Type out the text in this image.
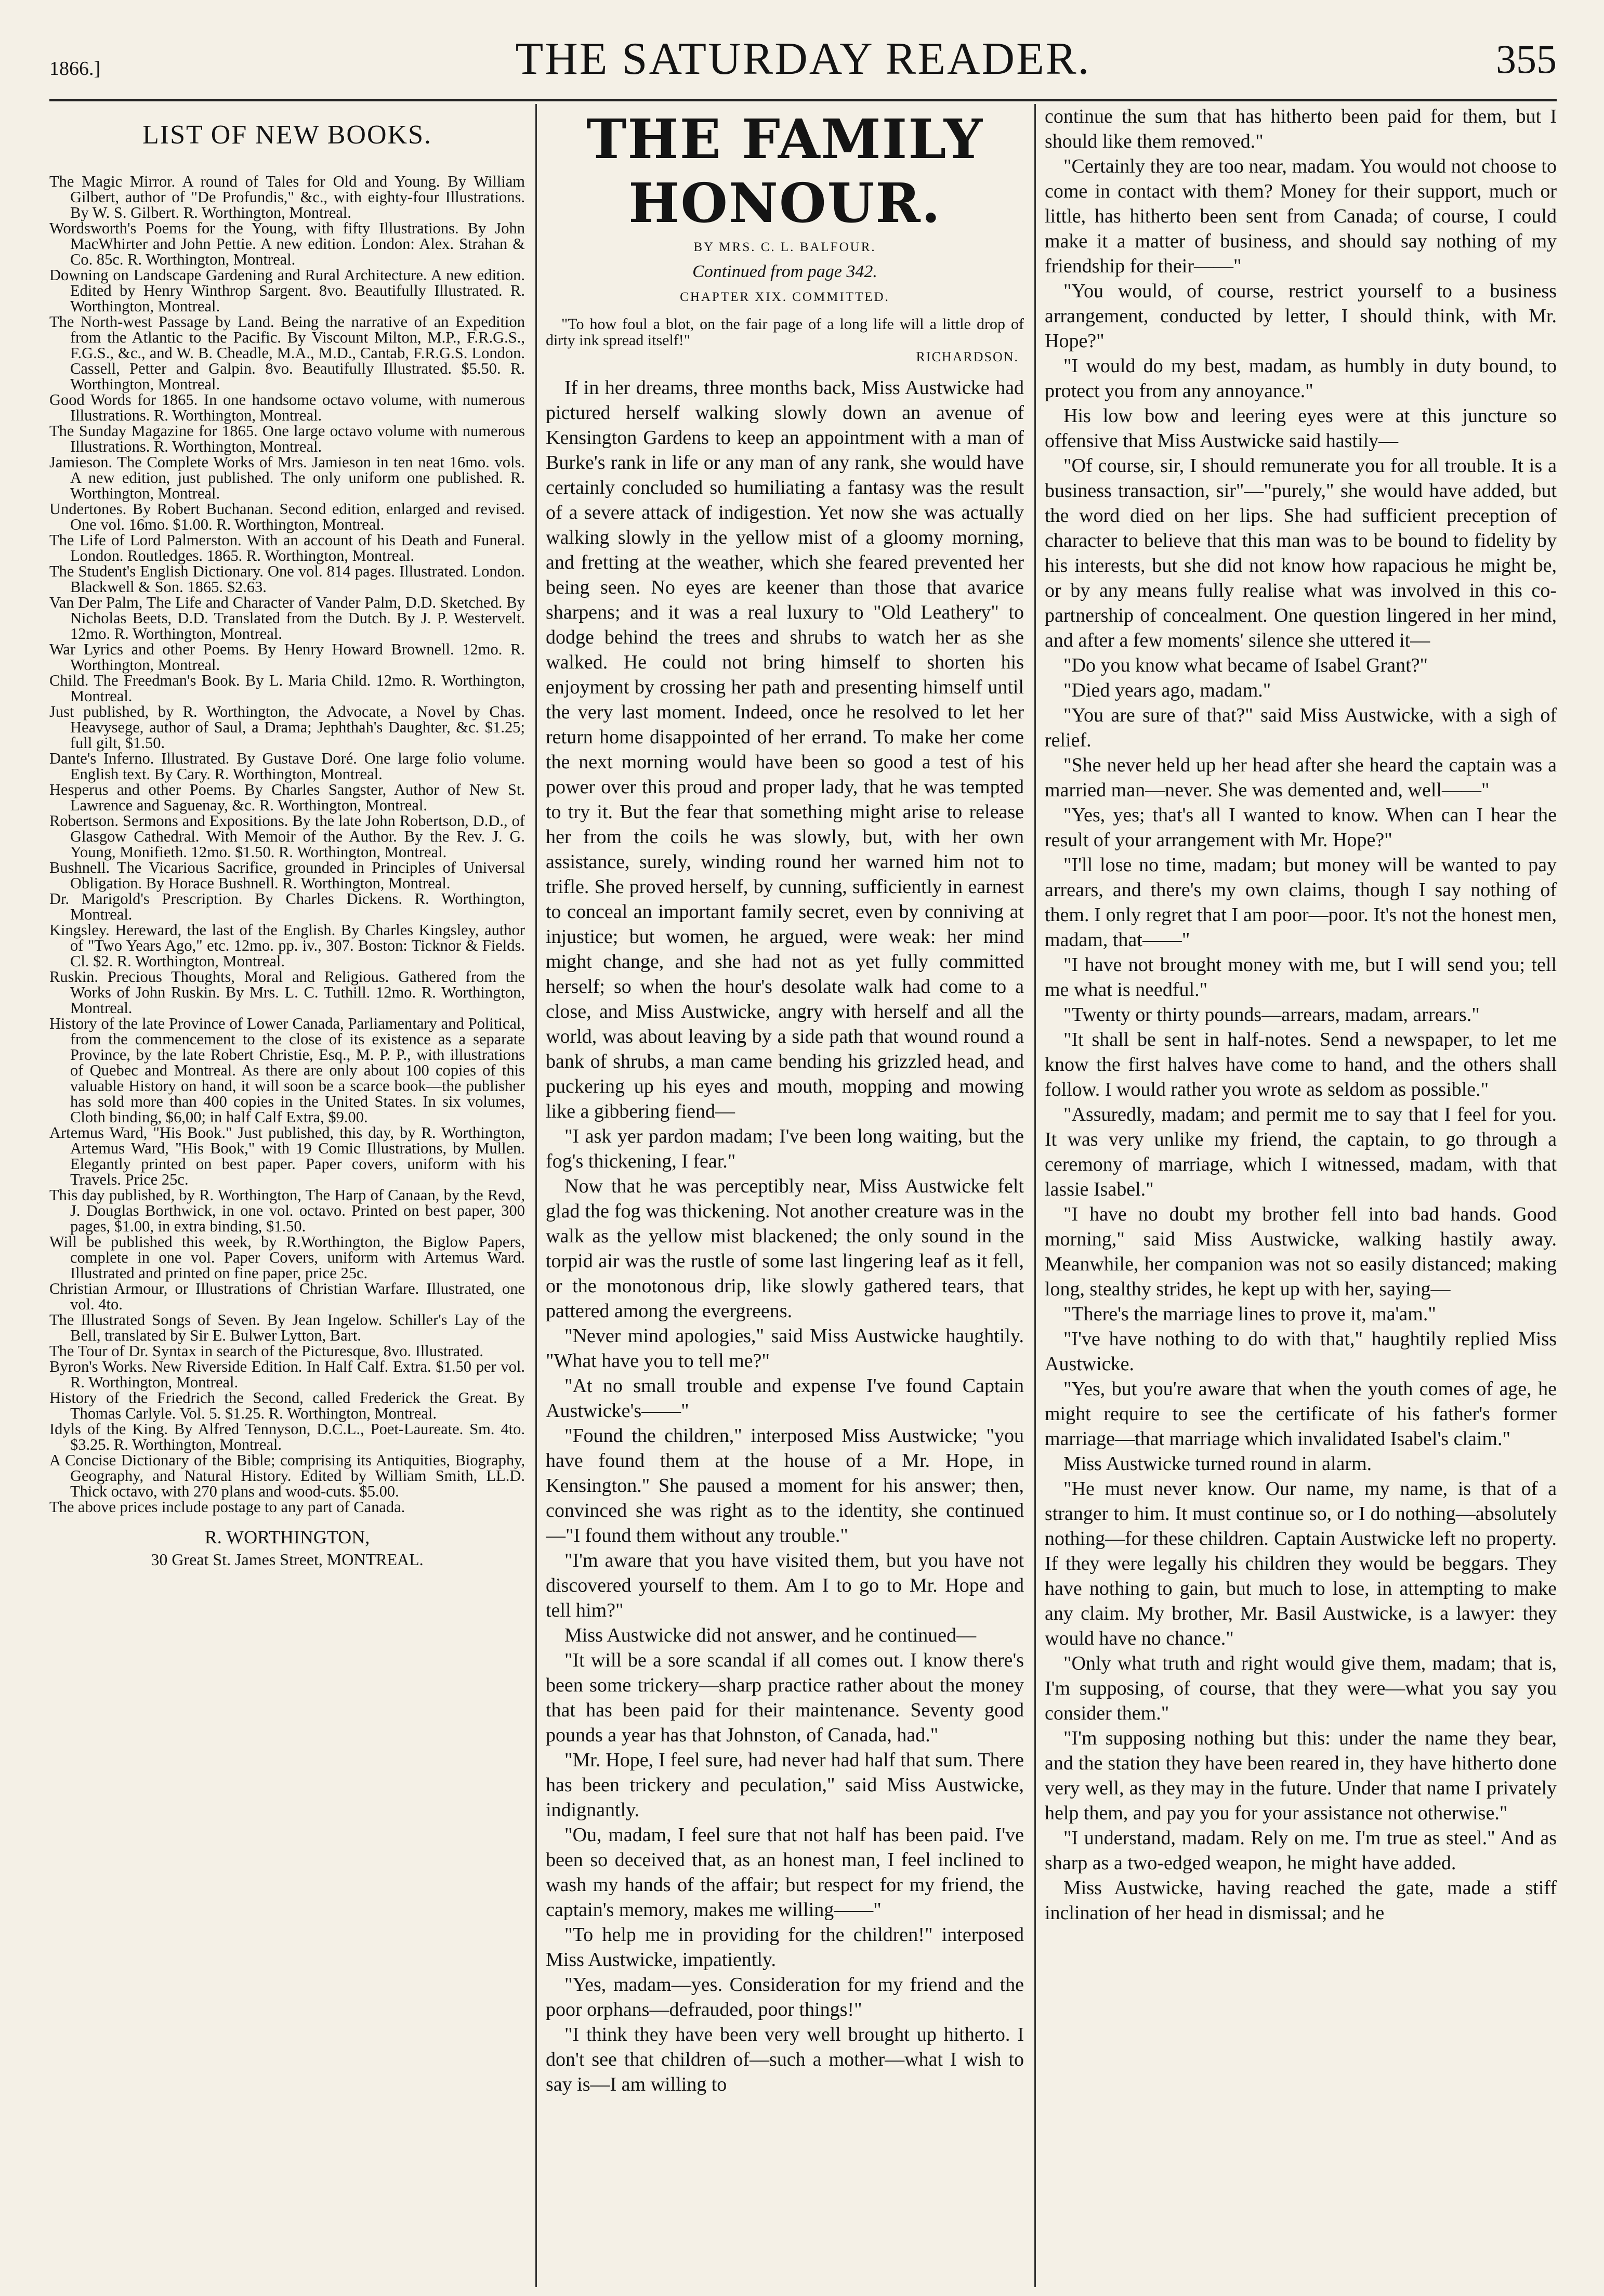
1866.]	THE SATURDAY READER.	355
LIST OF NEW BOOKS.

The Magic Mirror. A round of Tales for Old and Young. By William Gilbert, author of "De Profundis," &c., with eighty-four Illustrations. By W. S. Gilbert. R. Worthington, Montreal.

Wordsworth's Poems for the Young, with fifty Illustrations. By John MacWhirter and John Pettie. A new edition. London: Alex. Strahan & Co. 85c. R. Worthington, Montreal.

Downing on Landscape Gardening and Rural Architecture. A new edition. Edited by Henry Winthrop Sargent. 8vo. Beautifully Illustrated. R. Worthington, Montreal.

The North-west Passage by Land. Being the narrative of an Expedition from the Atlantic to the Pacific. By Viscount Milton, M.P., F.R.G.S., F.G.S., &c., and W. B. Cheadle, M.A., M.D., Cantab, F.R.G.S. London. Cassell, Petter and Galpin. 8vo. Beautifully Illustrated. $5.50. R. Worthington, Montreal.

Good Words for 1865. In one handsome octavo volume, with numerous Illustrations. R. Worthington, Montreal.

The Sunday Magazine for 1865. One large octavo volume with numerous Illustrations. R. Worthington, Montreal.

Jamieson. The Complete Works of Mrs. Jamieson in ten neat 16mo. vols. A new edition, just published. The only uniform one published. R. Worthington, Montreal.

Undertones. By Robert Buchanan. Second edition, enlarged and revised. One vol. 16mo. $1.00. R. Worthington, Montreal.

The Life of Lord Palmerston. With an account of his Death and Funeral. London. Routledges. 1865. R. Worthington, Montreal.

The Student's English Dictionary. One vol. 814 pages. Illustrated. London. Blackwell & Son. 1865. $2.63.

Van Der Palm, The Life and Character of Vander Palm, D.D. Sketched. By Nicholas Beets, D.D. Translated from the Dutch. By J. P. Westervelt. 12mo. R. Worthington, Montreal.

War Lyrics and other Poems. By Henry Howard Brownell. 12mo. R. Worthington, Montreal.

Child. The Freedman's Book. By L. Maria Child. 12mo. R. Worthington, Montreal.

Just published, by R. Worthington, the Advocate, a Novel by Chas. Heavysege, author of Saul, a Drama; Jephthah's Daughter, &c. $1.25; full gilt, $1.50.

Dante's Inferno. Illustrated. By Gustave Doré. One large folio volume. English text. By Cary. R. Worthington, Montreal.

Hesperus and other Poems. By Charles Sangster, Author of New St. Lawrence and Saguenay, &c. R. Worthington, Montreal.

Robertson. Sermons and Expositions. By the late John Robertson, D.D., of Glasgow Cathedral. With Memoir of the Author. By the Rev. J. G. Young, Monifieth. 12mo. $1.50. R. Worthington, Montreal.

Bushnell. The Vicarious Sacrifice, grounded in Principles of Universal Obligation. By Horace Bushnell. R. Worthington, Montreal.

Dr. Marigold's Prescription. By Charles Dickens. R. Worthington, Montreal.

Kingsley. Hereward, the last of the English. By Charles Kingsley, author of "Two Years Ago," etc. 12mo. pp. iv., 307. Boston: Ticknor & Fields. Cl. $2. R. Worthington, Montreal.

Ruskin. Precious Thoughts, Moral and Religious. Gathered from the Works of John Ruskin. By Mrs. L. C. Tuthill. 12mo. R. Worthington, Montreal.

History of the late Province of Lower Canada, Parliamentary and Political, from the commencement to the close of its existence as a separate Province, by the late Robert Christie, Esq., M. P. P., with illustrations of Quebec and Montreal. As there are only about 100 copies of this valuable History on hand, it will soon be a scarce book—the publisher has sold more than 400 copies in the United States. In six volumes, Cloth binding, $6,00; in half Calf Extra, $9.00.

Artemus Ward, "His Book." Just published, this day, by R. Worthington, Artemus Ward, "His Book," with 19 Comic Illustrations, by Mullen. Elegantly printed on best paper. Paper covers, uniform with his Travels. Price 25c.

This day published, by R. Worthington, The Harp of Canaan, by the Revd, J. Douglas Borthwick, in one vol. octavo. Printed on best paper, 300 pages, $1.00, in extra binding, $1.50.

Will be published this week, by R.Worthington, the Biglow Papers, complete in one vol. Paper Covers, uniform with Artemus Ward. Illustrated and printed on fine paper, price 25c.

Christian Armour, or Illustrations of Christian Warfare. Illustrated, one vol. 4to.

The Illustrated Songs of Seven. By Jean Ingelow. Schiller's Lay of the Bell, translated by Sir E. Bulwer Lytton, Bart.

The Tour of Dr. Syntax in search of the Picturesque, 8vo. Illustrated.

Byron's Works. New Riverside Edition. In Half Calf. Extra. $1.50 per vol. R. Worthington, Montreal.

History of the Friedrich the Second, called Frederick the Great. By Thomas Carlyle. Vol. 5. $1.25. R. Worthington, Montreal.

Idyls of the King. By Alfred Tennyson, D.C.L., Poet-Laureate. Sm. 4to. $3.25. R. Worthington, Montreal.

A Concise Dictionary of the Bible; comprising its Antiquities, Biography, Geography, and Natural History. Edited by William Smith, LL.D. Thick octavo, with 270 plans and wood-cuts. $5.00.

The above prices include postage to any part of Canada.

R. WORTHINGTON,
30 Great St. James Street, MONTREAL.
THE FAMILY HONOUR.
BY MRS. C. L. BALFOUR.
Continued from page 342.
CHAPTER XIX. COMMITTED.

"To how foul a blot, on the fair page of a long life will a little drop of dirty ink spread itself!"

RICHARDSON.

If in her dreams, three months back, Miss Austwicke had pictured herself walking slowly down an avenue of Kensington Gardens to keep an appointment with a man of Burke's rank in life or any man of any rank, she would have certainly concluded so humiliating a fantasy was the result of a severe attack of indigestion. Yet now she was actually walking slowly in the yellow mist of a gloomy morning, and fretting at the weather, which she feared prevented her being seen. No eyes are keener than those that avarice sharpens; and it was a real luxury to "Old Leathery" to dodge behind the trees and shrubs to watch her as she walked. He could not bring himself to shorten his enjoyment by crossing her path and presenting himself until the very last moment. Indeed, once he resolved to let her return home disappointed of her errand. To make her come the next morning would have been so good a test of his power over this proud and proper lady, that he was tempted to try it. But the fear that something might arise to release her from the coils he was slowly, but, with her own assistance, surely, winding round her warned him not to trifle. She proved herself, by cunning, sufficiently in earnest to conceal an important family secret, even by conniving at injustice; but women, he argued, were weak: her mind might change, and she had not as yet fully committed herself; so when the hour's desolate walk had come to a close, and Miss Austwicke, angry with herself and all the world, was about leaving by a side path that wound round a bank of shrubs, a man came bending his grizzled head, and puckering up his eyes and mouth, mopping and mowing like a gibbering fiend—

"I ask yer pardon madam; I've been long waiting, but the fog's thickening, I fear."

Now that he was perceptibly near, Miss Austwicke felt glad the fog was thickening. Not another creature was in the walk as the yellow mist blackened; the only sound in the torpid air was the rustle of some last lingering leaf as it fell, or the monotonous drip, like slowly gathered tears, that pattered among the evergreens.

"Never mind apologies," said Miss Austwicke haughtily. "What have you to tell me?"

"At no small trouble and expense I've found Captain Austwicke's——"

"Found the children," interposed Miss Austwicke; "you have found them at the house of a Mr. Hope, in Kensington." She paused a moment for his answer; then, convinced she was right as to the identity, she continued—"I found them without any trouble."

"I'm aware that you have visited them, but you have not discovered yourself to them. Am I to go to Mr. Hope and tell him?"

Miss Austwicke did not answer, and he continued—

"It will be a sore scandal if all comes out. I know there's been some trickery—sharp practice rather about the money that has been paid for their maintenance. Seventy good pounds a year has that Johnston, of Canada, had."

"Mr. Hope, I feel sure, had never had half that sum. There has been trickery and peculation," said Miss Austwicke, indignantly.

"Ou, madam, I feel sure that not half has been paid. I've been so deceived that, as an honest man, I feel inclined to wash my hands of the affair; but respect for my friend, the captain's memory, makes me willing——"

"To help me in providing for the children!" interposed Miss Austwicke, impatiently.

"Yes, madam—yes. Consideration for my friend and the poor orphans—defrauded, poor things!"

"I think they have been very well brought up hitherto. I don't see that children of—such a mother—what I wish to say is—I am willing to

continue the sum that has hitherto been paid for them, but I should like them removed."

"Certainly they are too near, madam. You would not choose to come in contact with them? Money for their support, much or little, has hitherto been sent from Canada; of course, I could make it a matter of business, and should say nothing of my friendship for their——"

"You would, of course, restrict yourself to a business arrangement, conducted by letter, I should think, with Mr. Hope?"

"I would do my best, madam, as humbly in duty bound, to protect you from any annoyance."

His low bow and leering eyes were at this juncture so offensive that Miss Austwicke said hastily—

"Of course, sir, I should remunerate you for all trouble. It is a business transaction, sir"—"purely," she would have added, but the word died on her lips. She had sufficient preception of character to believe that this man was to be bound to fidelity by his interests, but she did not know how rapacious he might be, or by any means fully realise what was involved in this co-partnership of concealment. One question lingered in her mind, and after a few moments' silence she uttered it—

"Do you know what became of Isabel Grant?"

"Died years ago, madam."

"You are sure of that?" said Miss Austwicke, with a sigh of relief.

"She never held up her head after she heard the captain was a married man—never. She was demented and, well——"

"Yes, yes; that's all I wanted to know. When can I hear the result of your arrangement with Mr. Hope?"

"I'll lose no time, madam; but money will be wanted to pay arrears, and there's my own claims, though I say nothing of them. I only regret that I am poor—poor. It's not the honest men, madam, that——"

"I have not brought money with me, but I will send you; tell me what is needful."

"Twenty or thirty pounds—arrears, madam, arrears."

"It shall be sent in half-notes. Send a newspaper, to let me know the first halves have come to hand, and the others shall follow. I would rather you wrote as seldom as possible."

"Assuredly, madam; and permit me to say that I feel for you. It was very unlike my friend, the captain, to go through a ceremony of marriage, which I witnessed, madam, with that lassie Isabel."

"I have no doubt my brother fell into bad hands. Good morning," said Miss Austwicke, walking hastily away. Meanwhile, her companion was not so easily distanced; making long, stealthy strides, he kept up with her, saying—

"There's the marriage lines to prove it, ma'am."

"I've have nothing to do with that," haughtily replied Miss Austwicke.

"Yes, but you're aware that when the youth comes of age, he might require to see the certificate of his father's former marriage—that marriage which invalidated Isabel's claim."

Miss Austwicke turned round in alarm.

"He must never know. Our name, my name, is that of a stranger to him. It must continue so, or I do nothing—absolutely nothing—for these children. Captain Austwicke left no property. If they were legally his children they would be beggars. They have nothing to gain, but much to lose, in attempting to make any claim. My brother, Mr. Basil Austwicke, is a lawyer: they would have no chance."

"Only what truth and right would give them, madam; that is, I'm supposing, of course, that they were—what you say you consider them."

"I'm supposing nothing but this: under the name they bear, and the station they have been reared in, they have hitherto done very well, as they may in the future. Under that name I privately help them, and pay you for your assistance not otherwise."

"I understand, madam. Rely on me. I'm true as steel." And as sharp as a two-edged weapon, he might have added.

Miss Austwicke, having reached the gate, made a stiff inclination of her head in dismissal; and he
